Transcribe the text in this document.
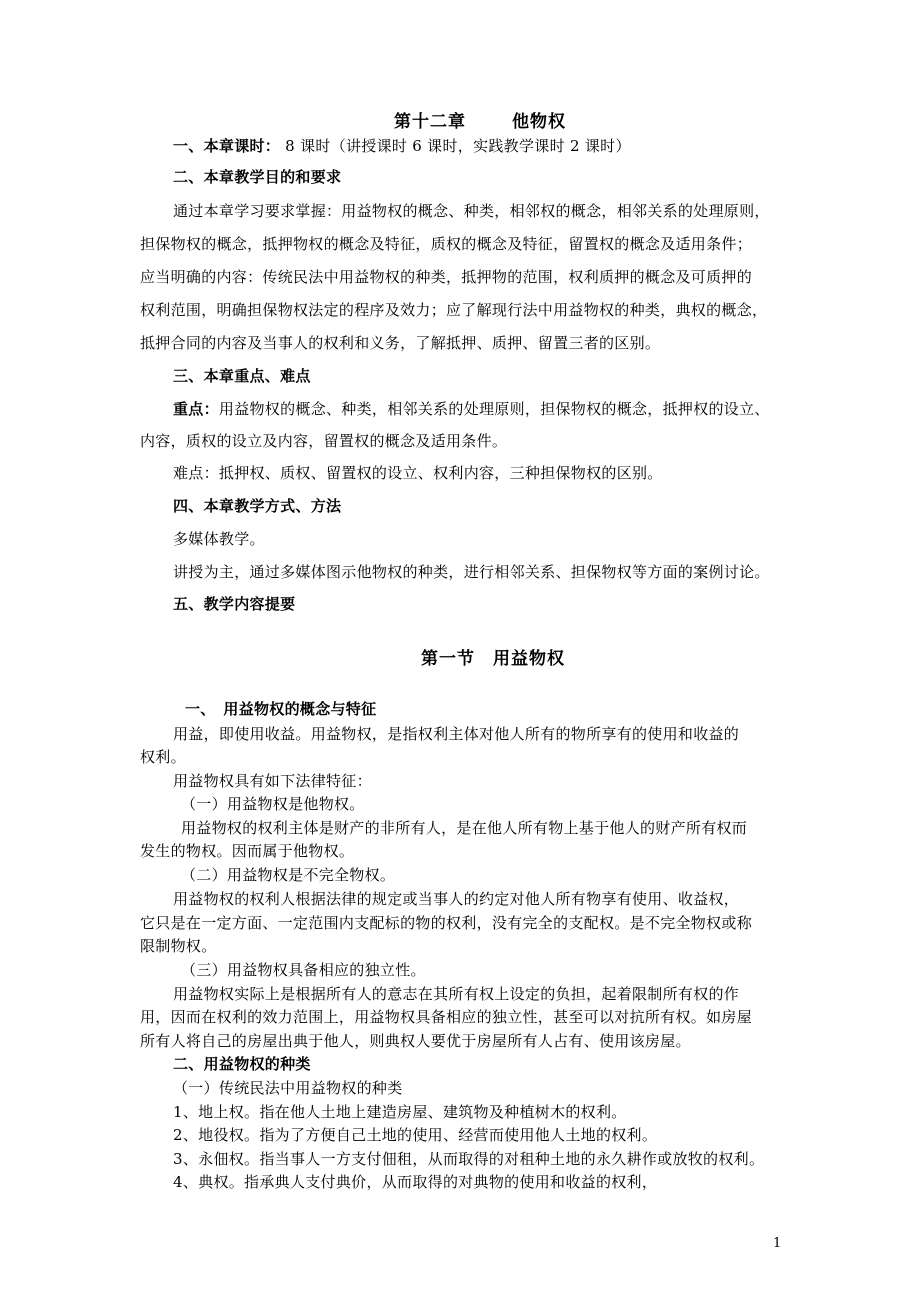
第十二章	他物权
一、本章课时： 8 课时（讲授课时 6 课时，实践教学课时 2 课时）
二、本章教学目的和要求
通过本章学习要求掌握：用益物权的概念、种类，相邻权的概念，相邻关系的处理原则，
担保物权的概念，抵押物权的概念及特征，质权的概念及特征，留置权的概念及适用条件；
应当明确的内容：传统民法中用益物权的种类，抵押物的范围，权利质押的概念及可质押的
权利范围，明确担保物权法定的程序及效力；应了解现行法中用益物权的种类，典权的概念，
抵押合同的内容及当事人的权利和义务，了解抵押、质押、留置三者的区别。
三、本章重点、难点
重点：用益物权的概念、种类，相邻关系的处理原则，担保物权的概念，抵押权的设立、
内容，质权的设立及内容，留置权的概念及适用条件。
难点：抵押权、质权、留置权的设立、权利内容，三种担保物权的区别。
四、本章教学方式、方法
多媒体教学。
讲授为主，通过多媒体图示他物权的种类，进行相邻关系、担保物权等方面的案例讨论。
五、教学内容提要
第一节　用益物权
一、　用益物权的概念与特征
用益，即使用收益。用益物权，是指权利主体对他人所有的物所享有的使用和收益的
权利。
用益物权具有如下法律特征：
（一）用益物权是他物权。
用益物权的权利主体是财产的非所有人，是在他人所有物上基于他人的财产所有权而
发生的物权。因而属于他物权。
（二）用益物权是不完全物权。
用益物权的权利人根据法律的规定或当事人的约定对他人所有物享有使用、收益权，
它只是在一定方面、一定范围内支配标的物的权利，没有完全的支配权。是不完全物权或称
限制物权。
（三）用益物权具备相应的独立性。
用益物权实际上是根据所有人的意志在其所有权上设定的负担，起着限制所有权的作
用，因而在权利的效力范围上，用益物权具备相应的独立性，甚至可以对抗所有权。如房屋
所有人将自己的房屋出典于他人，则典权人要优于房屋所有人占有、使用该房屋。
二、用益物权的种类
（一）传统民法中用益物权的种类
1、地上权。指在他人土地上建造房屋、建筑物及种植树木的权利。
2、地役权。指为了方便自己土地的使用、经营而使用他人土地的权利。
3、永佃权。指当事人一方支付佃租，从而取得的对租种土地的永久耕作或放牧的权利。
4、典权。指承典人支付典价，从而取得的对典物的使用和收益的权利，
1
